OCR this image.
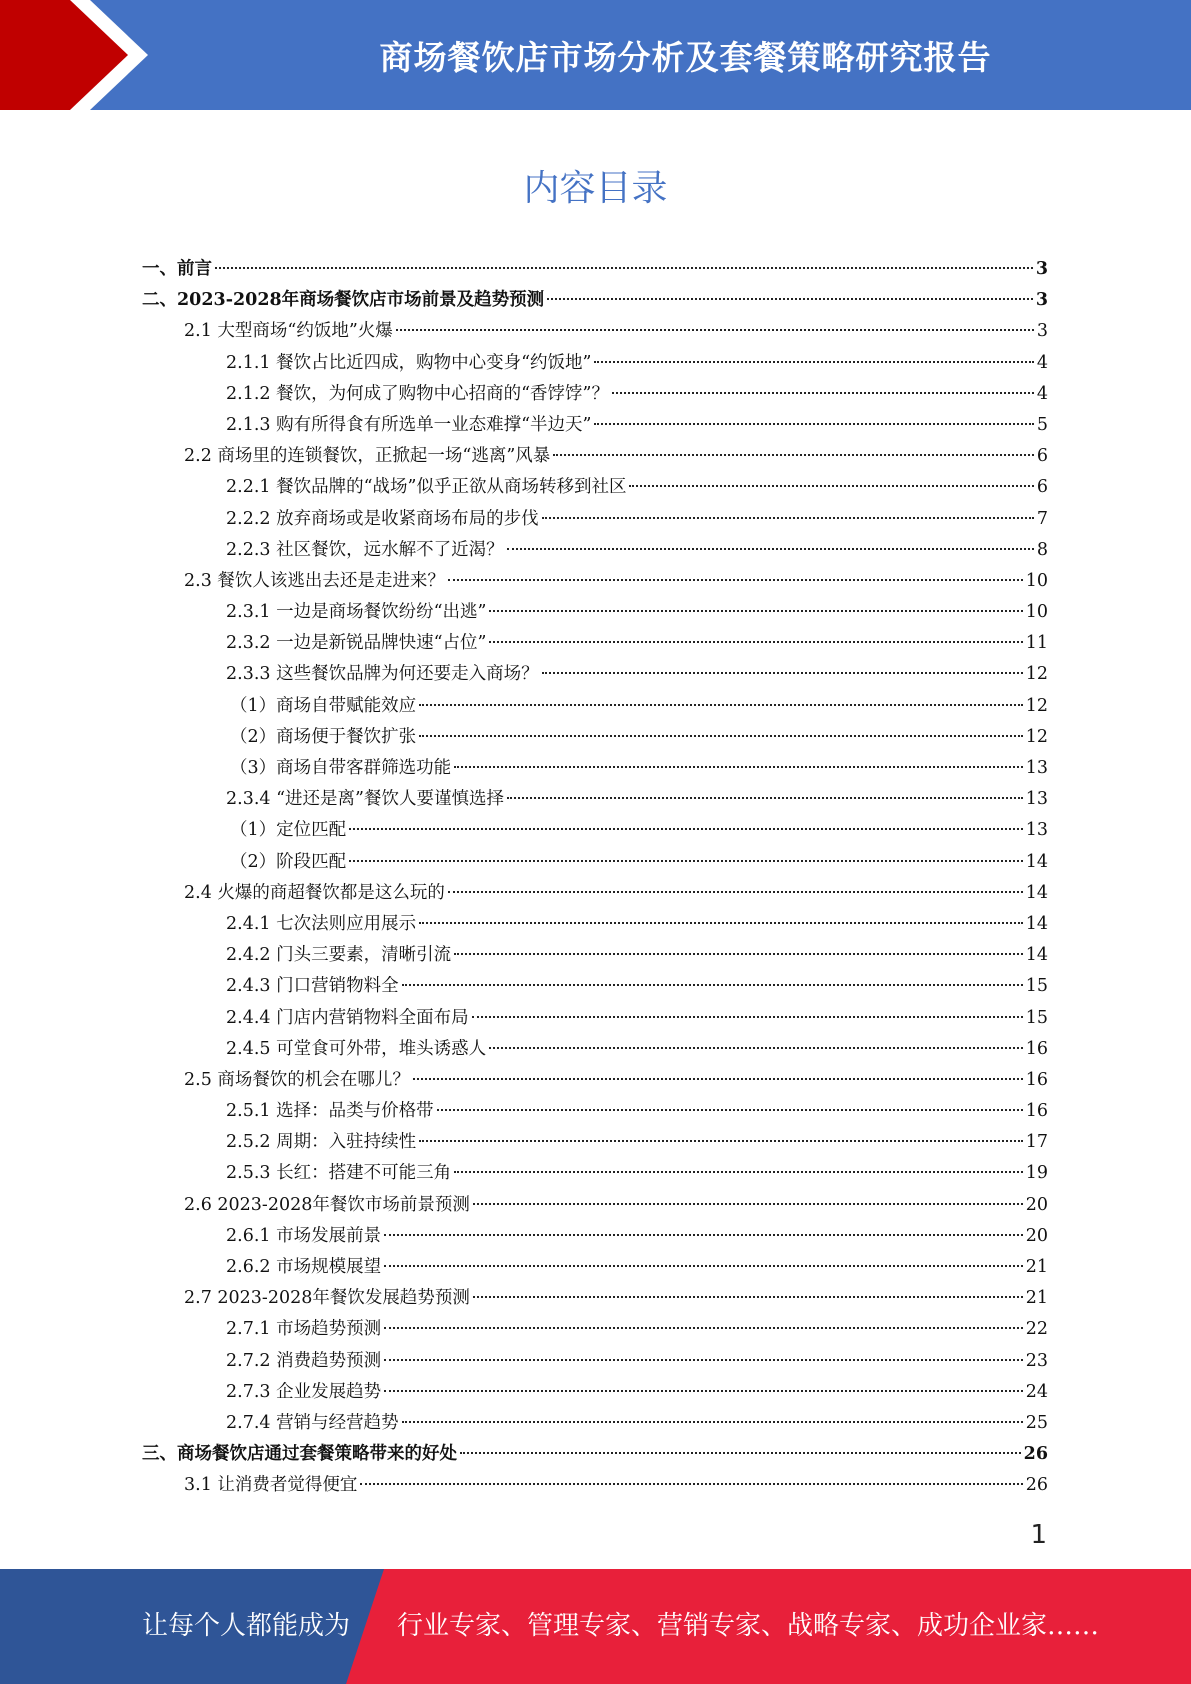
商场餐饮店市场分析及套餐策略研究报告
内容目录
一、前言	3
二、2023-2028年商场餐饮店市场前景及趋势预测	3
2.1 大型商场“约饭地”火爆	3
2.1.1 餐饮占比近四成，购物中心变身“约饭地”	4
2.1.2 餐饮，为何成了购物中心招商的“香饽饽”？	4
2.1.3 购有所得食有所选单一业态难撑“半边天”	5
2.2 商场里的连锁餐饮，正掀起一场“逃离”风暴	6
2.2.1 餐饮品牌的“战场”似乎正欲从商场转移到社区	6
2.2.2 放弃商场或是收紧商场布局的步伐	7
2.2.3 社区餐饮，远水解不了近渴？	8
2.3 餐饮人该逃出去还是走进来？	10
2.3.1 一边是商场餐饮纷纷“出逃”	10
2.3.2 一边是新锐品牌快速“占位”	11
2.3.3 这些餐饮品牌为何还要走入商场？	12
（1）商场自带赋能效应	12
（2）商场便于餐饮扩张	12
（3）商场自带客群筛选功能	13
2.3.4 “进还是离”餐饮人要谨慎选择	13
（1）定位匹配	13
（2）阶段匹配	14
2.4 火爆的商超餐饮都是这么玩的	14
2.4.1 七次法则应用展示	14
2.4.2 门头三要素，清晰引流	14
2.4.3 门口营销物料全	15
2.4.4 门店内营销物料全面布局	15
2.4.5 可堂食可外带，堆头诱惑人	16
2.5 商场餐饮的机会在哪儿？	16
2.5.1 选择：品类与价格带	16
2.5.2 周期：入驻持续性	17
2.5.3 长红：搭建不可能三角	19
2.6 2023-2028年餐饮市场前景预测	20
2.6.1 市场发展前景	20
2.6.2 市场规模展望	21
2.7 2023-2028年餐饮发展趋势预测	21
2.7.1 市场趋势预测	22
2.7.2 消费趋势预测	23
2.7.3 企业发展趋势	24
2.7.4 营销与经营趋势	25
三、商场餐饮店通过套餐策略带来的好处	26
3.1 让消费者觉得便宜	26
1
让每个人都能成为 行业专家、管理专家、营销专家、战略专家、成功企业家……
